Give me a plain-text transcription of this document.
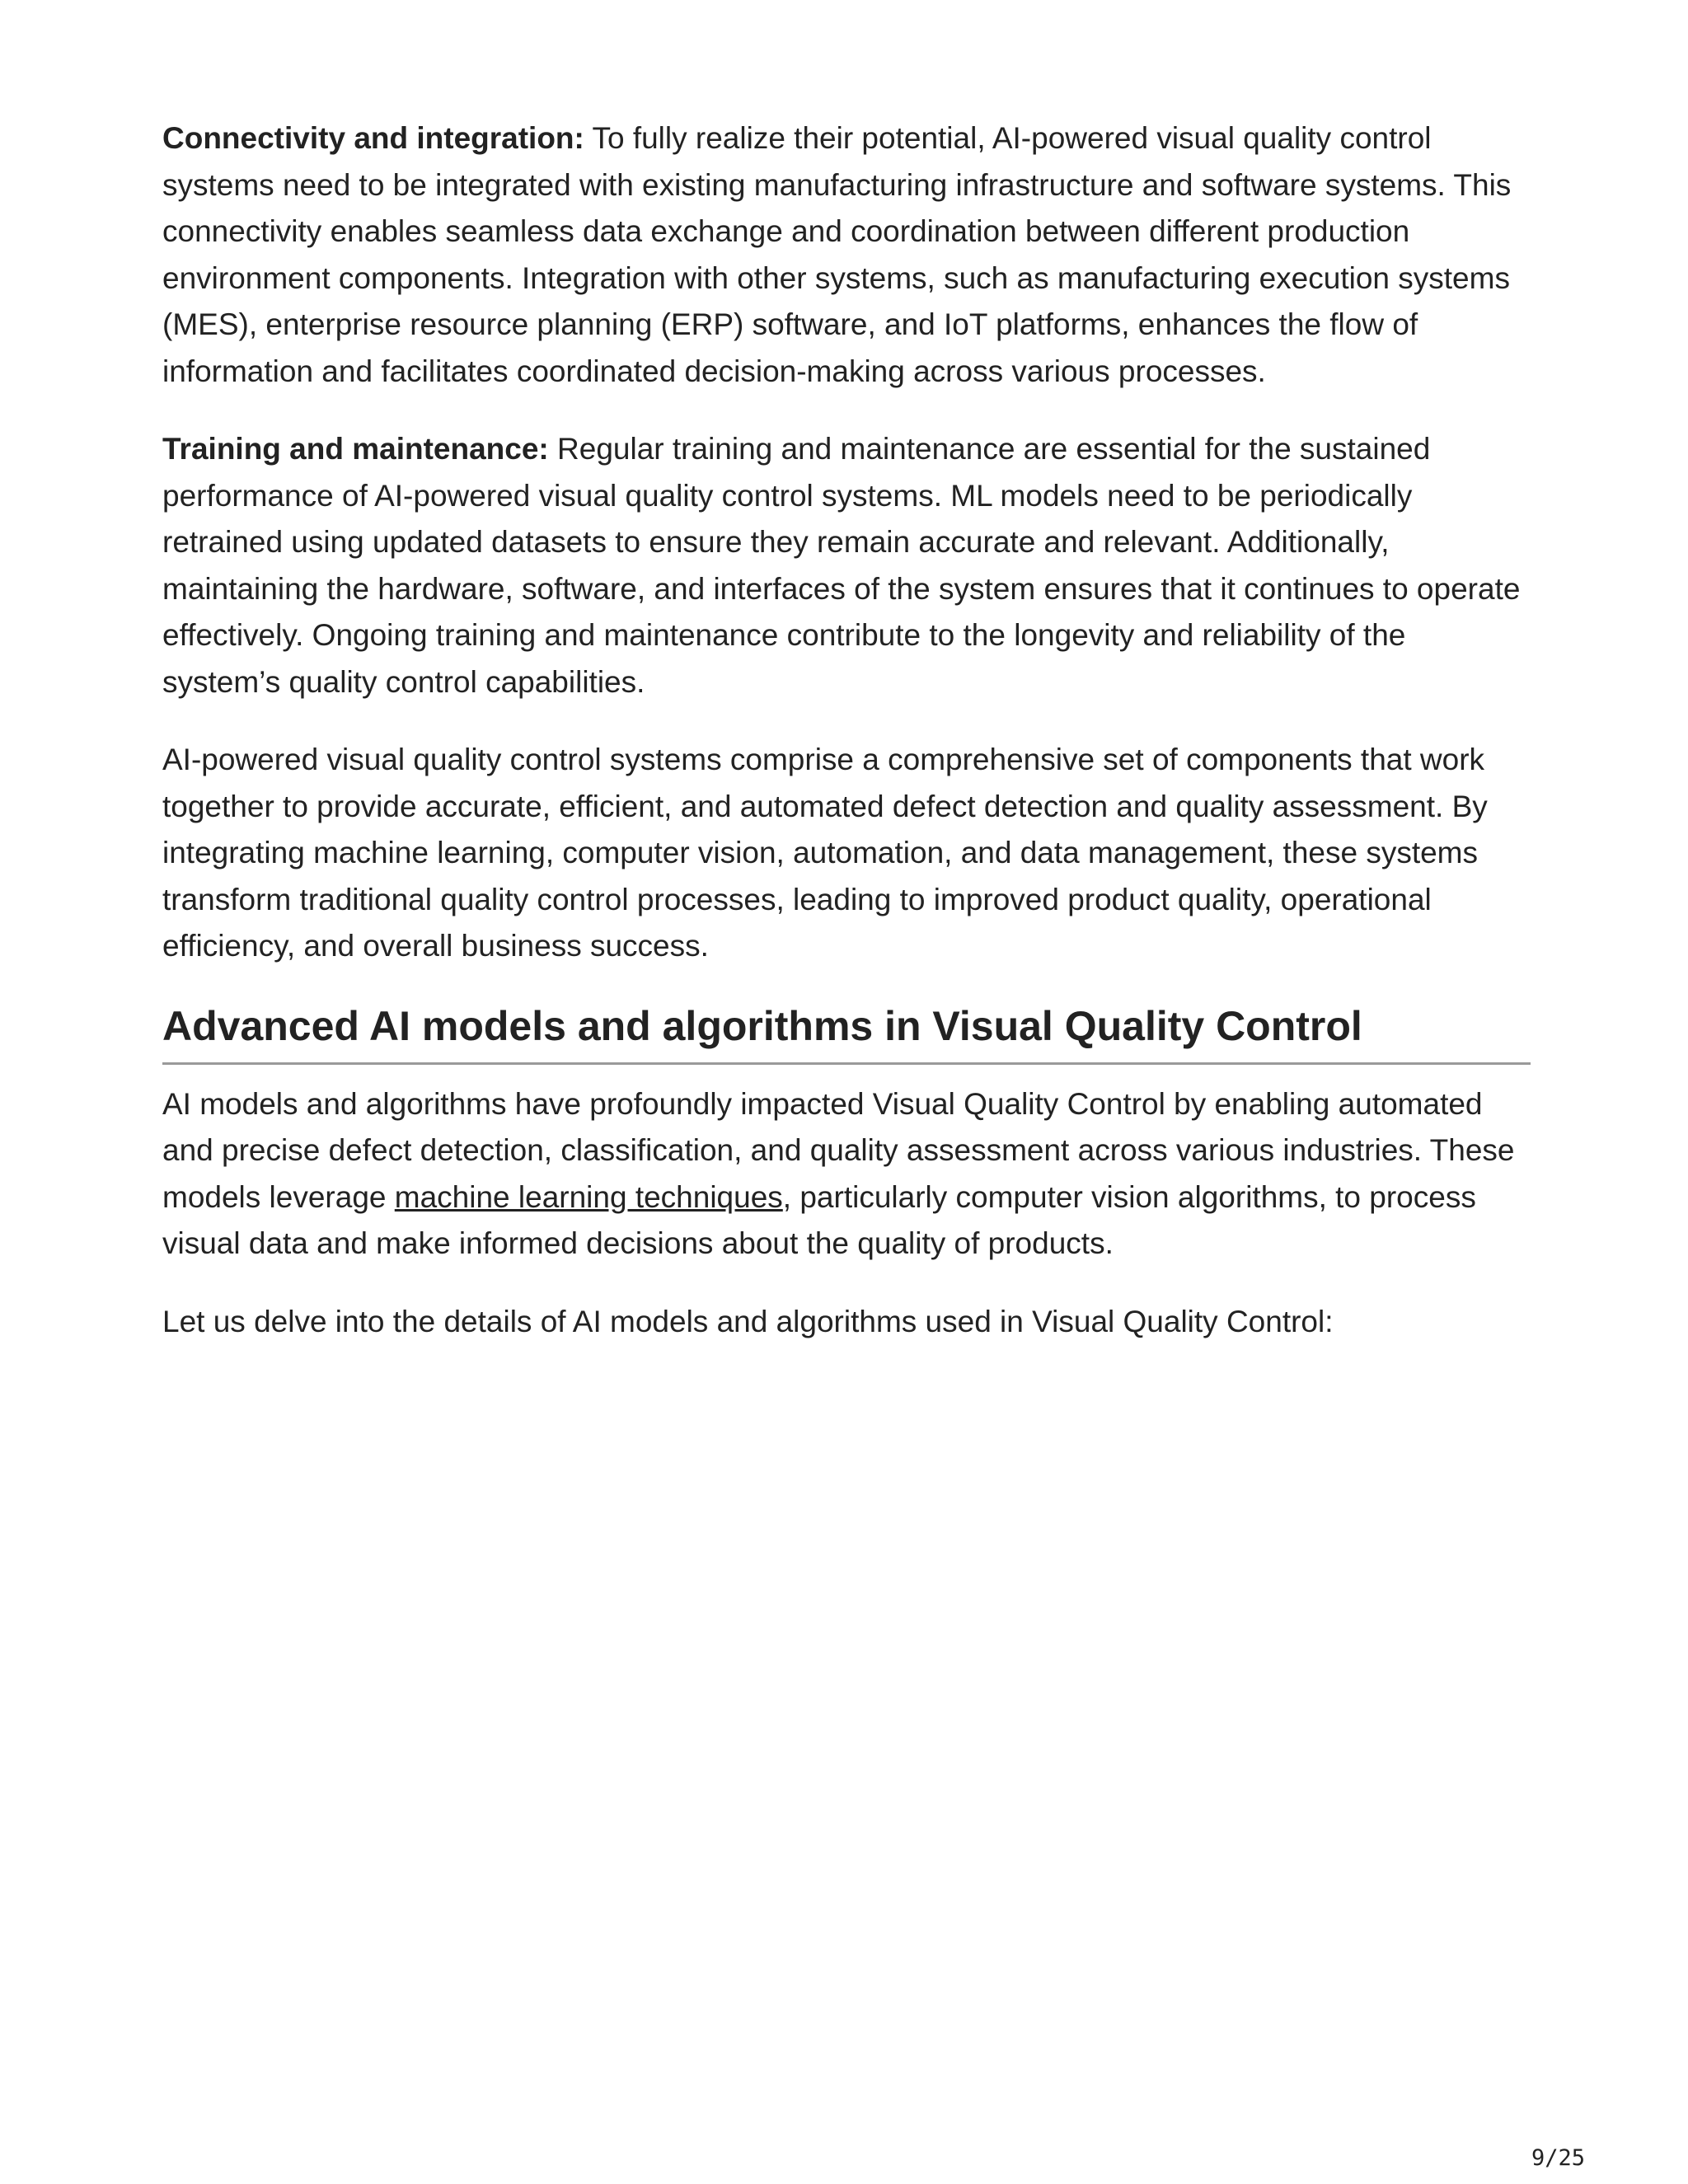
Connectivity and integration: To fully realize their potential, AI-powered visual quality control systems need to be integrated with existing manufacturing infrastructure and software systems. This connectivity enables seamless data exchange and coordination between different production environment components. Integration with other systems, such as manufacturing execution systems (MES), enterprise resource planning (ERP) software, and IoT platforms, enhances the flow of information and facilitates coordinated decision-making across various processes.

Training and maintenance: Regular training and maintenance are essential for the sustained performance of AI-powered visual quality control systems. ML models need to be periodically retrained using updated datasets to ensure they remain accurate and relevant. Additionally, maintaining the hardware, software, and interfaces of the system ensures that it continues to operate effectively. Ongoing training and maintenance contribute to the longevity and reliability of the system’s quality control capabilities.

AI-powered visual quality control systems comprise a comprehensive set of components that work together to provide accurate, efficient, and automated defect detection and quality assessment. By integrating machine learning, computer vision, automation, and data management, these systems transform traditional quality control processes, leading to improved product quality, operational efficiency, and overall business success.

Advanced AI models and algorithms in Visual Quality Control

AI models and algorithms have profoundly impacted Visual Quality Control by enabling automated and precise defect detection, classification, and quality assessment across various industries. These models leverage machine learning techniques, particularly computer vision algorithms, to process visual data and make informed decisions about the quality of products.

Let us delve into the details of AI models and algorithms used in Visual Quality Control:

9/25
